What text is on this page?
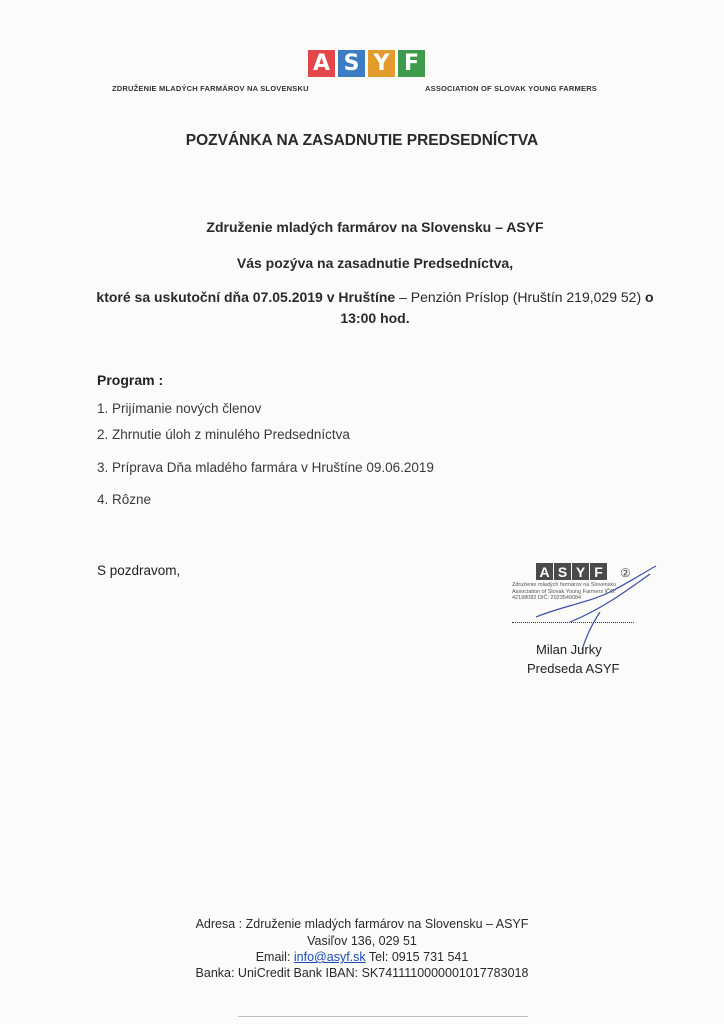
A S Y F
ZDRUŽENIE MLADÝCH FARMÁROV NA SLOVENSKU	ASSOCIATION OF SLOVAK YOUNG FARMERS
POZVÁNKA NA ZASADNUTIE PREDSEDNÍCTVA
Združenie mladých farmárov na Slovensku – ASYF
Vás pozýva na zasadnutie Predsedníctva,
ktoré sa uskutoční dňa 07.05.2019 v Hruštíne – Penzión Príslop (Hruštín 219,029 52) o 13:00 hod.
Program :
1. Prijímanie nových členov
2. Zhrnutie úloh z minulého Predsedníctva
3. Príprava Dňa mladého farmára v Hruštíne 09.06.2019
4. Rôzne
S pozdravom,	A S Y F	②
Združenie mladých farmárov na Slovensku Association of Slovak Young Farmers IČO: 42198082 DIČ: 2023549084
Milan Jurky
Predseda ASYF
Adresa : Združenie mladých farmárov na Slovensku – ASYF
Vasiľov 136, 029 51
Email: info@asyf.sk Tel: 0915 731 541
Banka: UniCredit Bank IBAN: SK7411110000001017783018
